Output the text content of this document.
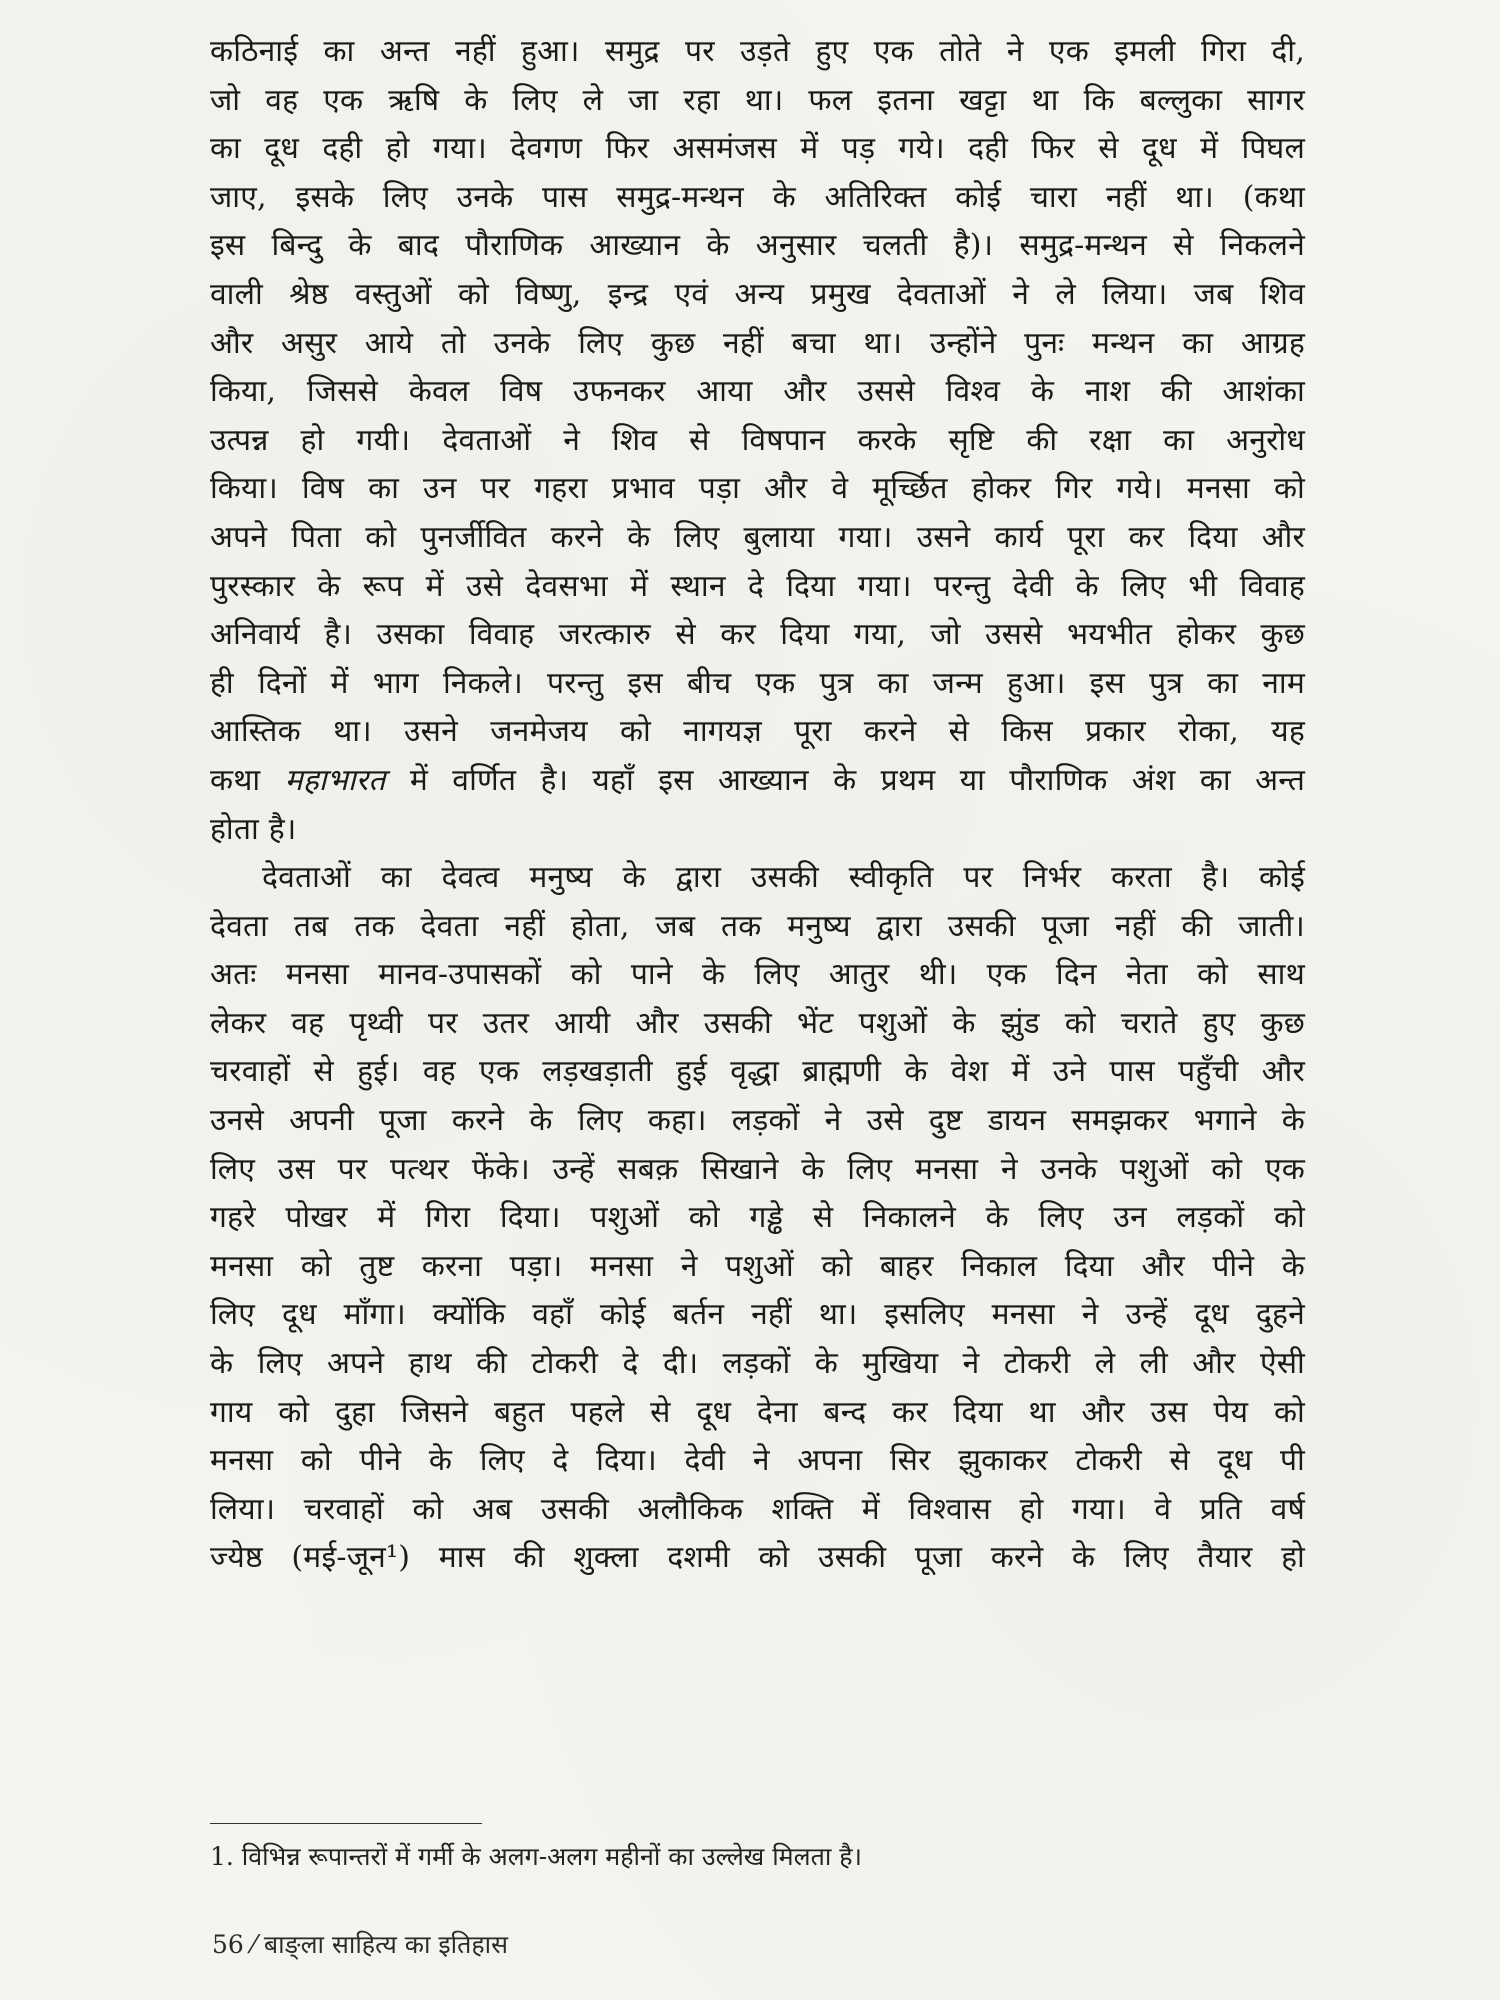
कठिनाई का अन्त नहीं हुआ। समुद्र पर उड़ते हुए एक तोते ने एक इमली गिरा दी,
जो वह एक ऋषि के लिए ले जा रहा था। फल इतना खट्टा था कि बल्लुका सागर
का दूध दही हो गया। देवगण फिर असमंजस में पड़ गये। दही फिर से दूध में पिघल
जाए, इसके लिए उनके पास समुद्र-मन्थन के अतिरिक्त कोई चारा नहीं था। (कथा
इस बिन्दु के बाद पौराणिक आख्यान के अनुसार चलती है)। समुद्र-मन्थन से निकलने
वाली श्रेष्ठ वस्तुओं को विष्णु, इन्द्र एवं अन्य प्रमुख देवताओं ने ले लिया। जब शिव
और असुर आये तो उनके लिए कुछ नहीं बचा था। उन्होंने पुनः मन्थन का आग्रह
किया, जिससे केवल विष उफनकर आया और उससे विश्व के नाश की आशंका
उत्पन्न हो गयी। देवताओं ने शिव से विषपान करके सृष्टि की रक्षा का अनुरोध
किया। विष का उन पर गहरा प्रभाव पड़ा और वे मूर्च्छित होकर गिर गये। मनसा को
अपने पिता को पुनर्जीवित करने के लिए बुलाया गया। उसने कार्य पूरा कर दिया और
पुरस्कार के रूप में उसे देवसभा में स्थान दे दिया गया। परन्तु देवी के लिए भी विवाह
अनिवार्य है। उसका विवाह जरत्कारु से कर दिया गया, जो उससे भयभीत होकर कुछ
ही दिनों में भाग निकले। परन्तु इस बीच एक पुत्र का जन्म हुआ। इस पुत्र का नाम
आस्तिक था। उसने जनमेजय को नागयज्ञ पूरा करने से किस प्रकार रोका, यह
कथा महाभारत में वर्णित है। यहाँ इस आख्यान के प्रथम या पौराणिक अंश का अन्त
होता है।
देवताओं का देवत्व मनुष्य के द्वारा उसकी स्वीकृति पर निर्भर करता है। कोई
देवता तब तक देवता नहीं होता, जब तक मनुष्य द्वारा उसकी पूजा नहीं की जाती।
अतः मनसा मानव-उपासकों को पाने के लिए आतुर थी। एक दिन नेता को साथ
लेकर वह पृथ्वी पर उतर आयी और उसकी भेंट पशुओं के झुंड को चराते हुए कुछ
चरवाहों से हुई। वह एक लड़खड़ाती हुई वृद्धा ब्राह्मणी के वेश में उने पास पहुँची और
उनसे अपनी पूजा करने के लिए कहा। लड़कों ने उसे दुष्ट डायन समझकर भगाने के
लिए उस पर पत्थर फेंके। उन्हें सबक़ सिखाने के लिए मनसा ने उनके पशुओं को एक
गहरे पोखर में गिरा दिया। पशुओं को गड्ढे से निकालने के लिए उन लड़कों को
मनसा को तुष्ट करना पड़ा। मनसा ने पशुओं को बाहर निकाल दिया और पीने के
लिए दूध माँगा। क्योंकि वहाँ कोई बर्तन नहीं था। इसलिए मनसा ने उन्हें दूध दुहने
के लिए अपने हाथ की टोकरी दे दी। लड़कों के मुखिया ने टोकरी ले ली और ऐसी
गाय को दुहा जिसने बहुत पहले से दूध देना बन्द कर दिया था और उस पेय को
मनसा को पीने के लिए दे दिया। देवी ने अपना सिर झुकाकर टोकरी से दूध पी
लिया। चरवाहों को अब उसकी अलौकिक शक्ति में विश्वास हो गया। वे प्रति वर्ष
ज्येष्ठ (मई-जून¹) मास की शुक्ला दशमी को उसकी पूजा करने के लिए तैयार हो
1. विभिन्न रूपान्तरों में गर्मी के अलग-अलग महीनों का उल्लेख मिलता है।
56 ⁄ बाङ्ला साहित्य का इतिहास
